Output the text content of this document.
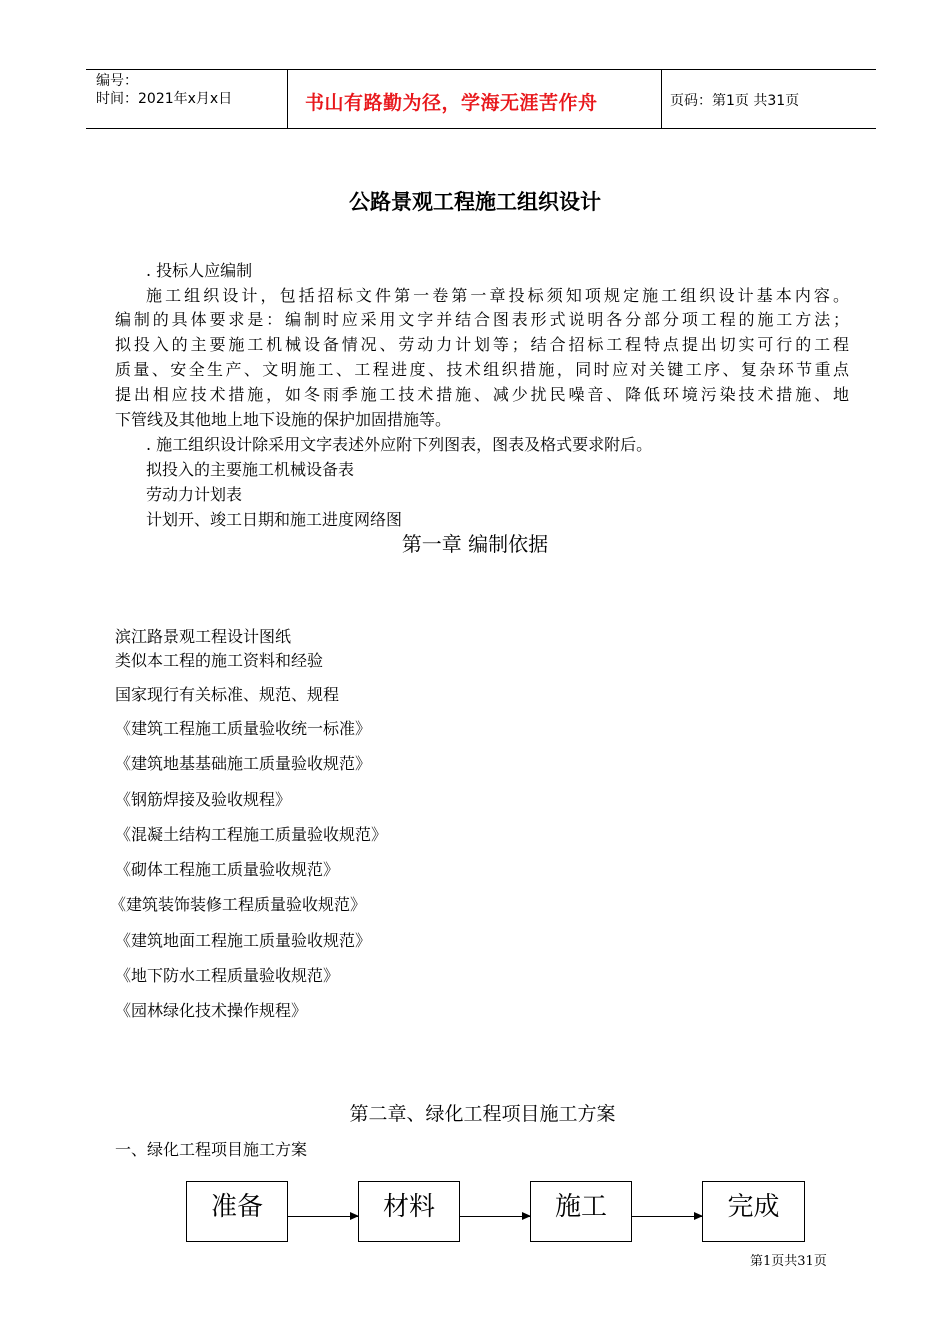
编号：
时间：2021年x月x日	书山有路勤为径，学海无涯苦作舟	页码：第1页 共31页
公路景观工程施工组织设计
. 投标人应编制
施工组织设计，包括招标文件第一卷第一章投标须知项规定施工组织设计基本内容。
编制的具体要求是：编制时应采用文字并结合图表形式说明各分部分项工程的施工方法；
拟投入的主要施工机械设备情况、劳动力计划等；结合招标工程特点提出切实可行的工程
质量、安全生产、文明施工、工程进度、技术组织措施，同时应对关键工序、复杂环节重点
提出相应技术措施，如冬雨季施工技术措施、减少扰民噪音、降低环境污染技术措施、地
下管线及其他地上地下设施的保护加固措施等。
. 施工组织设计除采用文字表述外应附下列图表，图表及格式要求附后。
拟投入的主要施工机械设备表
劳动力计划表
计划开、竣工日期和施工进度网络图
第一章 编制依据
滨江路景观工程设计图纸
类似本工程的施工资料和经验
国家现行有关标准、规范、规程
《建筑工程施工质量验收统一标准》
《建筑地基基础施工质量验收规范》
《钢筋焊接及验收规程》
《混凝土结构工程施工质量验收规范》
《砌体工程施工质量验收规范》
《建筑装饰装修工程质量验收规范》
《建筑地面工程施工质量验收规范》
《地下防水工程质量验收规范》
《园林绿化技术操作规程》
第二章、绿化工程项目施工方案
一、绿化工程项目施工方案
准备	材料	施工	完成
第1页共31页
